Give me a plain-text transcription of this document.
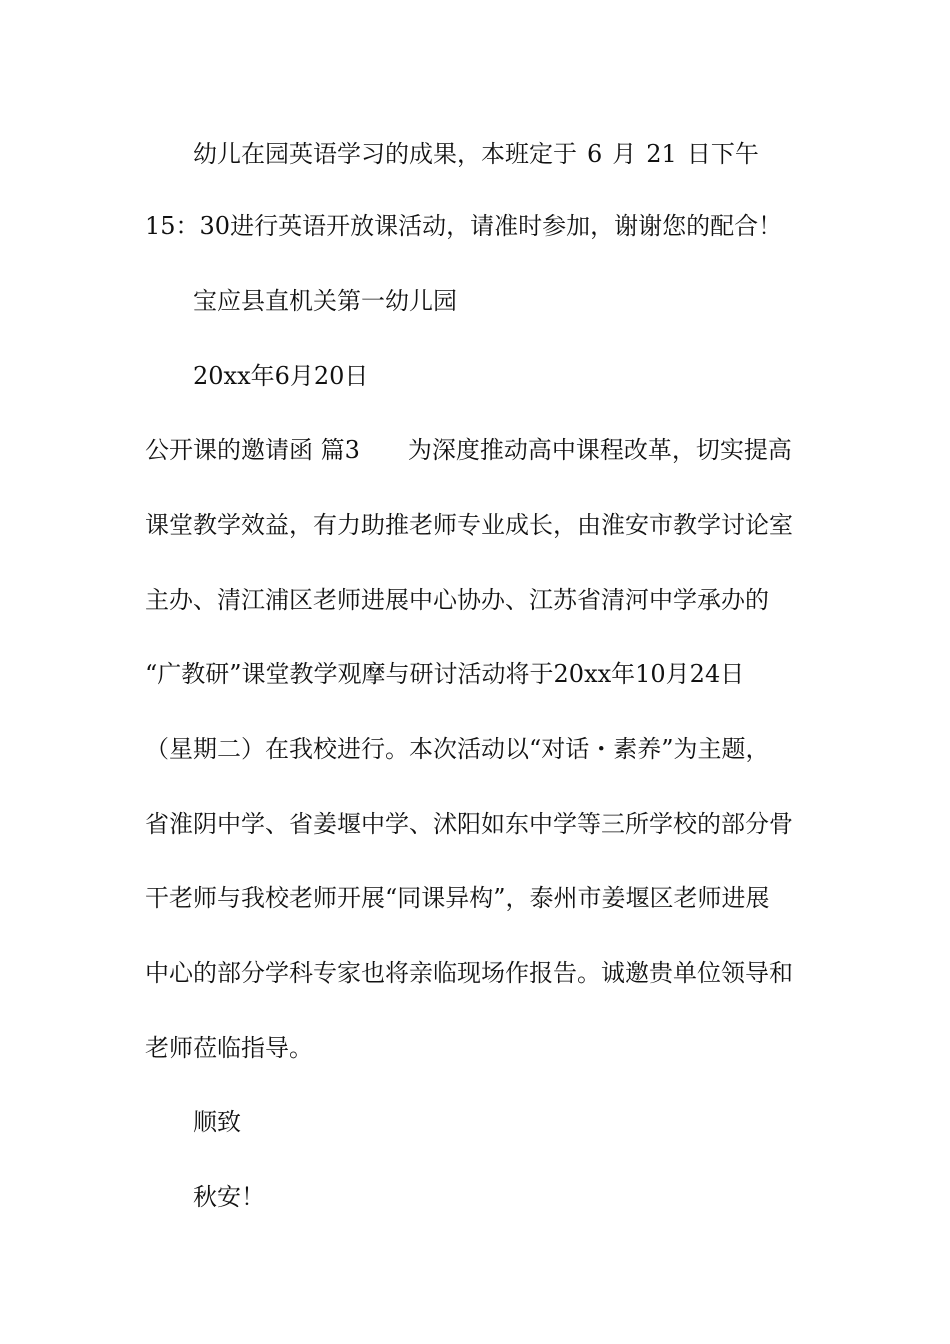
幼儿在园英语学习的成果，本班定于 6 月 21 日下午
15：30进行英语开放课活动，请准时参加，谢谢您的配合！
宝应县直机关第一幼儿园
20xx年6月20日
公开课的邀请函 篇3 为深度推动高中课程改革，切实提高
课堂教学效益，有力助推老师专业成长，由淮安市教学讨论室
主办、清江浦区老师进展中心协办、江苏省清河中学承办的
“广教研”课堂教学观摩与研讨活动将于20xx年10月24日
（星期二）在我校进行。本次活动以“对话・素养”为主题，
省淮阴中学、省姜堰中学、沭阳如东中学等三所学校的部分骨
干老师与我校老师开展“同课异构”，泰州市姜堰区老师进展
中心的部分学科专家也将亲临现场作报告。诚邀贵单位领导和
老师莅临指导。
顺致
秋安！
